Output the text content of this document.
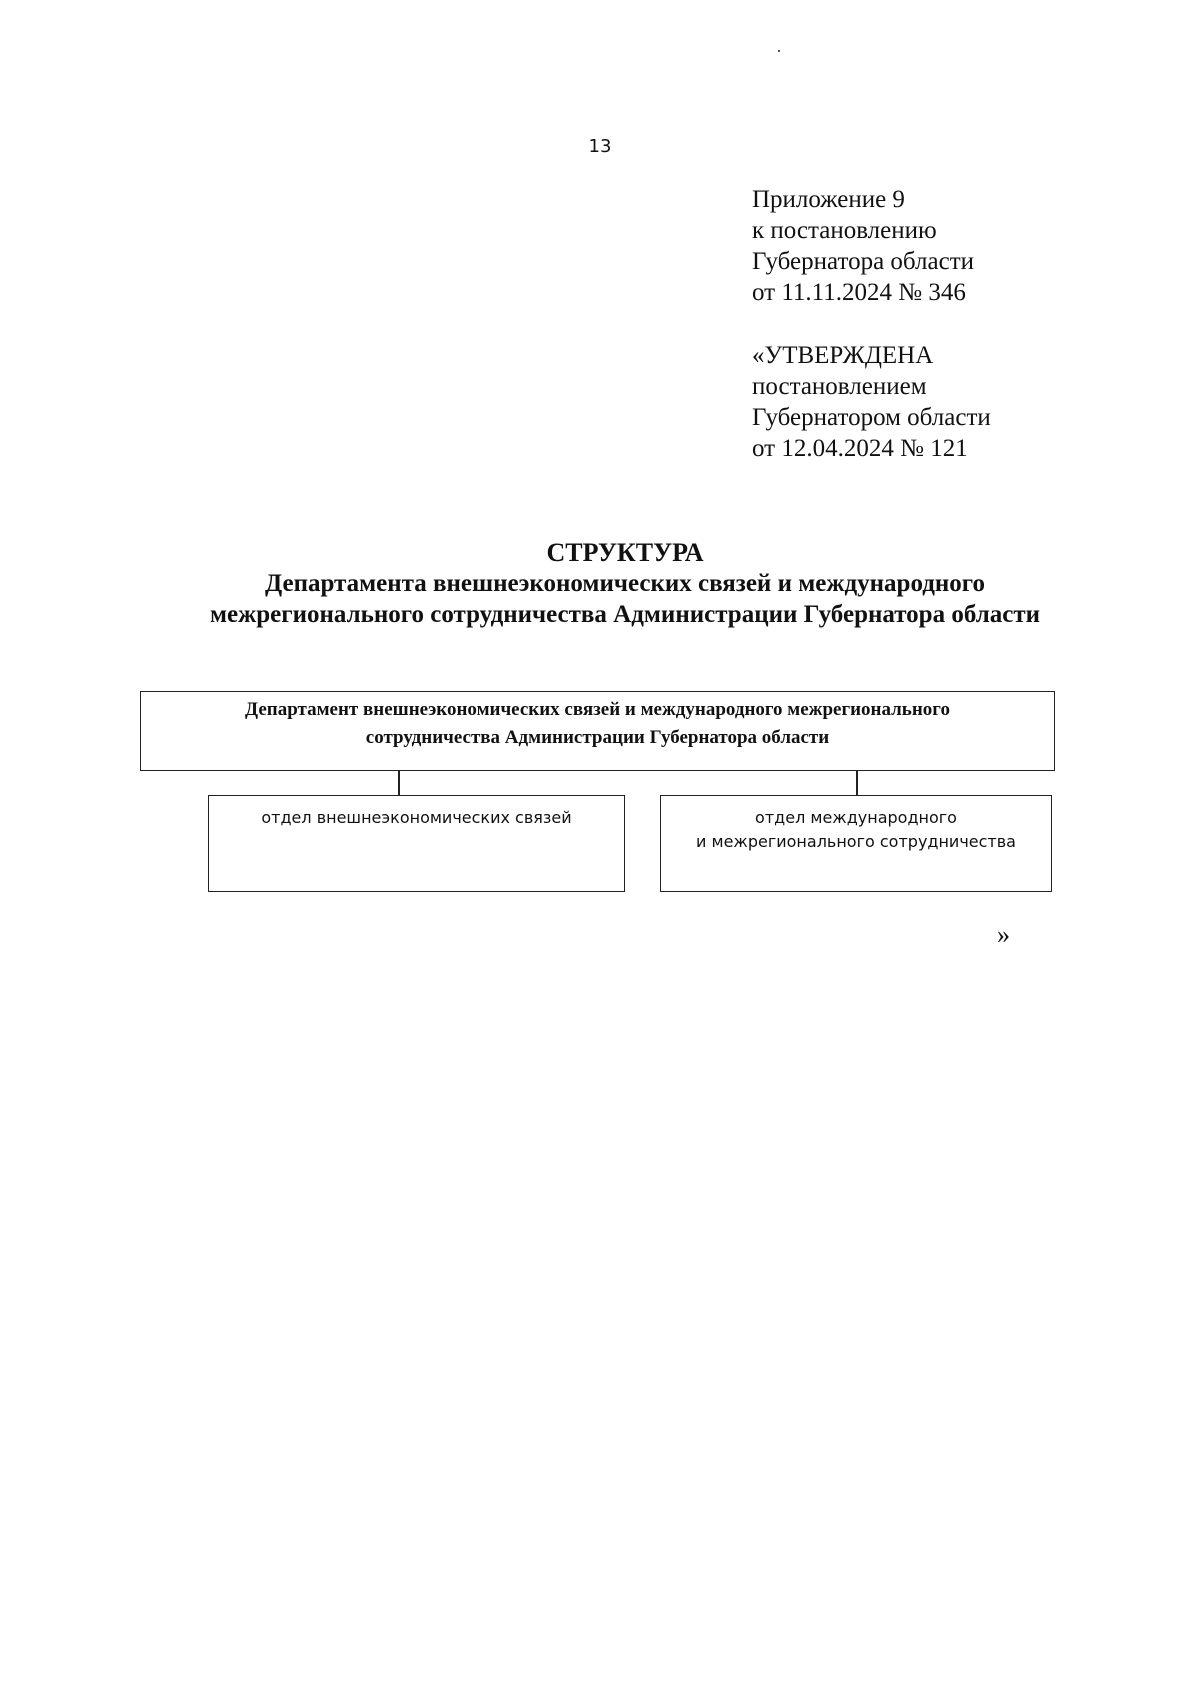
13
Приложение 9
к постановлению
Губернатора области
от 11.11.2024 № 346
«УТВЕРЖДЕНА
постановлением
Губернатором области
от 12.04.2024 № 121
СТРУКТУРА
Департамента внешнеэкономических связей и международного
межрегионального сотрудничества Администрации Губернатора области
Департамент внешнеэкономических связей и международного межрегионального
сотрудничества Администрации Губернатора области
отдел внешнеэкономических связей	отдел международного
и межрегионального сотрудничества
»
